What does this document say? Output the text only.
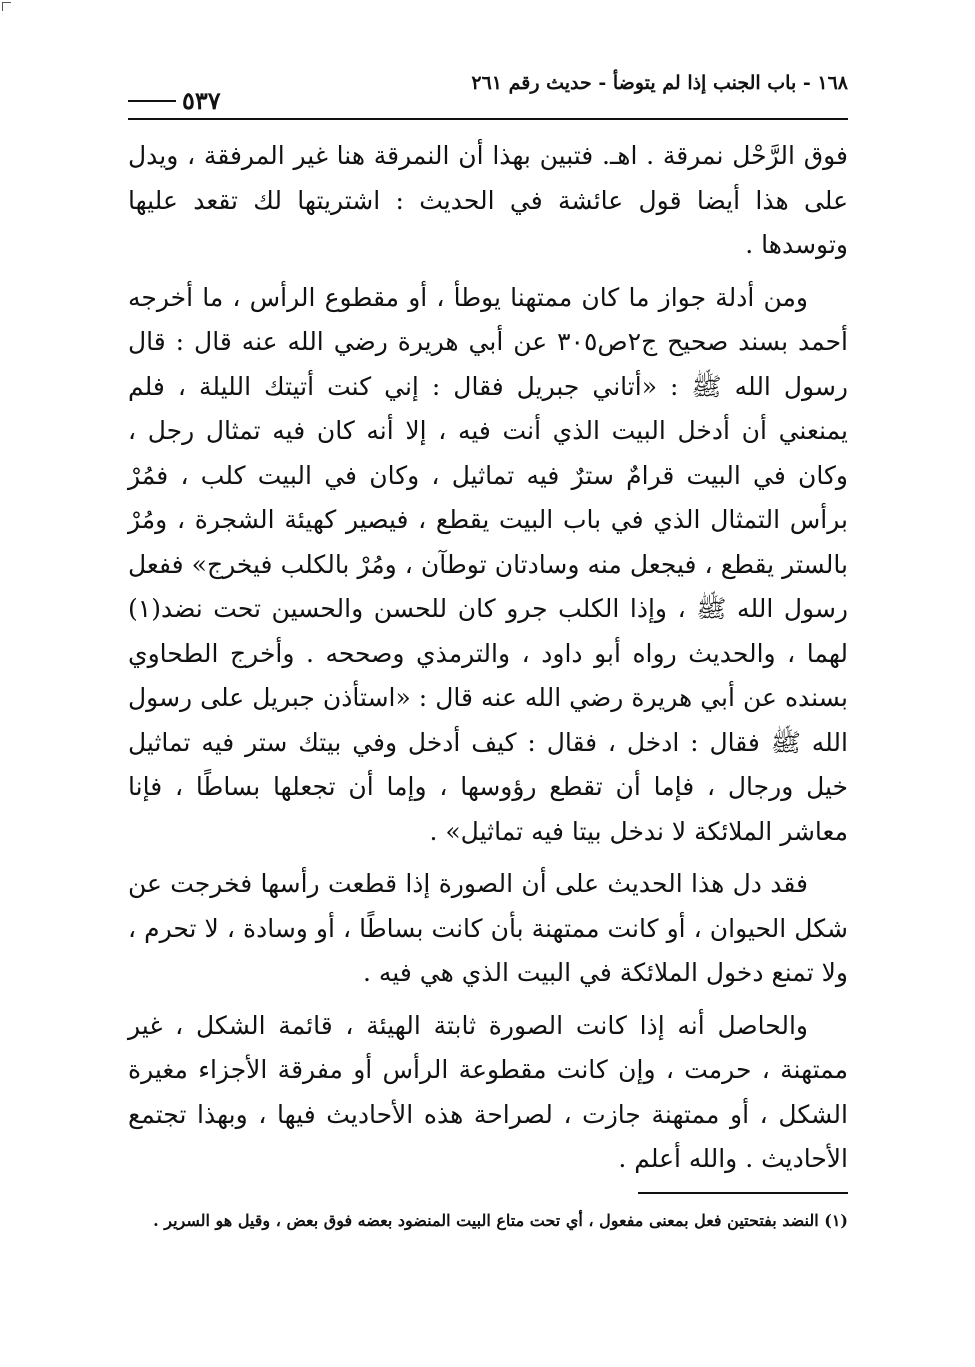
١٦٨ - باب الجنب إذا لم يتوضأ - حديث رقم ٢٦١
٥٣٧

فوق الرَّحْل نمرقة . اهـ. فتبين بهذا أن النمرقة هنا غير المرفقة ، ويدل على هذا أيضا قول عائشة في الحديث : اشتريتها لك تقعد عليها وتوسدها .

ومن أدلة جواز ما كان ممتهنا يوطأ ، أو مقطوع الرأس ، ما أخرجه أحمد بسند صحيح ج٢ص٣٠٥ عن أبي هريرة رضي الله عنه قال : قال رسول الله ﷺ : «أتاني جبريل فقال : إني كنت أتيتك الليلة ، فلم يمنعني أن أدخل البيت الذي أنت فيه ، إلا أنه كان فيه تمثال رجل ، وكان في البيت قرامٌ سترٌ فيه تماثيل ، وكان في البيت كلب ، فمُرْ برأس التمثال الذي في باب البيت يقطع ، فيصير كهيئة الشجرة ، ومُرْ بالستر يقطع ، فيجعل منه وسادتان توطآن ، ومُرْ بالكلب فيخرج» ففعل رسول الله ﷺ ، وإذا الكلب جرو كان للحسن والحسين تحت نضد(١) لهما ، والحديث رواه أبو داود ، والترمذي وصححه . وأخرج الطحاوي بسنده عن أبي هريرة رضي الله عنه قال : «استأذن جبريل على رسول الله ﷺ فقال : ادخل ، فقال : كيف أدخل وفي بيتك ستر فيه تماثيل خيل ورجال ، فإما أن تقطع رؤوسها ، وإما أن تجعلها بساطًا ، فإنا معاشر الملائكة لا ندخل بيتا فيه تماثيل» .

فقد دل هذا الحديث على أن الصورة إذا قطعت رأسها فخرجت عن شكل الحيوان ، أو كانت ممتهنة بأن كانت بساطًا ، أو وسادة ، لا تحرم ، ولا تمنع دخول الملائكة في البيت الذي هي فيه .

والحاصل أنه إذا كانت الصورة ثابتة الهيئة ، قائمة الشكل ، غير ممتهنة ، حرمت ، وإن كانت مقطوعة الرأس أو مفرقة الأجزاء مغيرة الشكل ، أو ممتهنة جازت ، لصراحة هذه الأحاديث فيها ، وبهذا تجتمع الأحاديث . والله أعلم .

(١) النضد بفتحتين فعل بمعنى مفعول ، أي تحت متاع البيت المنضود بعضه فوق بعض ، وقيل هو السرير .
